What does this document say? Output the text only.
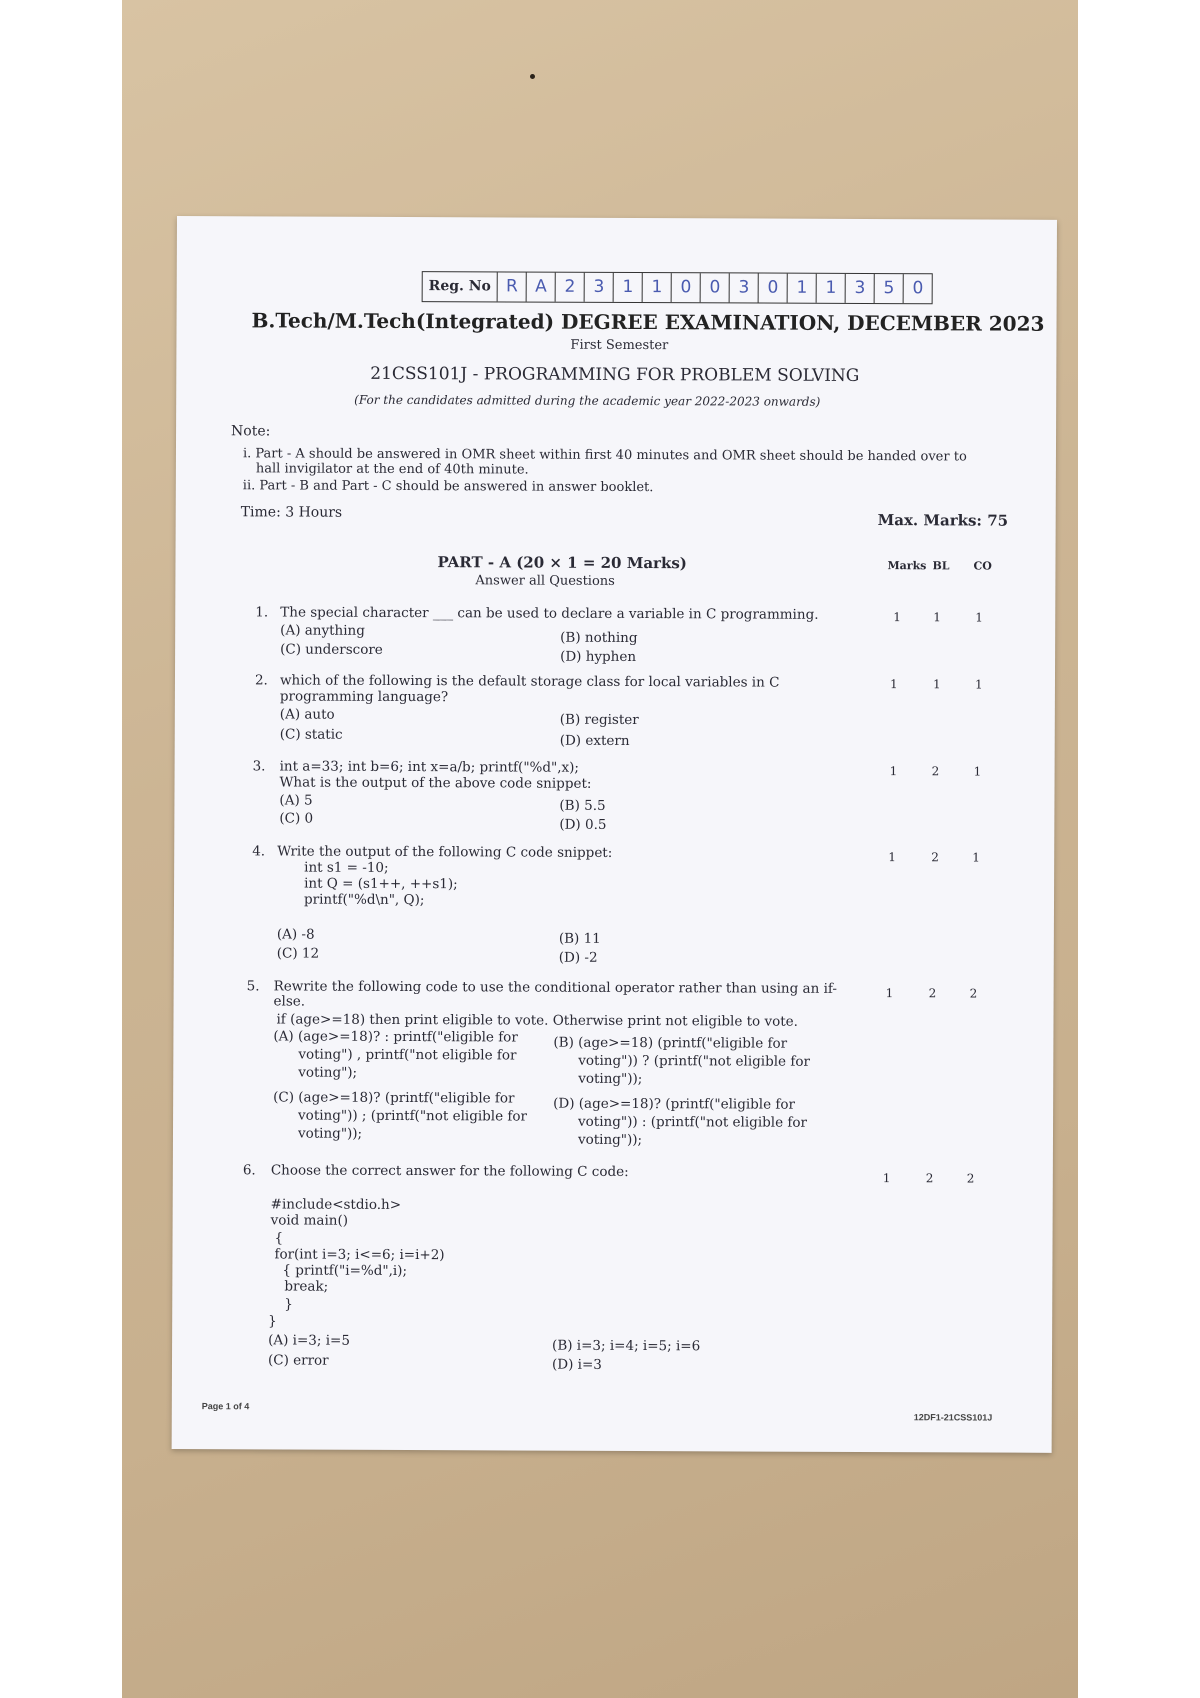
Reg. No R	A	2	3	1	1	0	0	3	0	1	1	3	5	0
B.Tech/M.Tech(Integrated) DEGREE EXAMINATION, DECEMBER 2023
First Semester
21CSS101J - PROGRAMMING FOR PROBLEM SOLVING
(For the candidates admitted during the academic year 2022-2023 onwards)
Note:
i. Part - A should be answered in OMR sheet within first 40 minutes and OMR sheet should be handed over to
hall invigilator at the end of 40th minute.
ii. Part - B and Part - C should be answered in answer booklet.
Time: 3 Hours	Max. Marks: 75
PART - A (20 × 1 = 20 Marks)
Answer all Questions
Marks BL CO
1. The special character ___ can be used to declare a variable in C programming.
(A) anything	(B) nothing
(C) underscore	(D) hyphen
1	1	1
2. which of the following is the default storage class for local variables in C
programming language?
(A) auto	(B) register
(C) static	(D) extern
1	1	1
3. int a=33; int b=6; int x=a/b; printf("%d",x);
What is the output of the above code snippet:
(A) 5	(B) 5.5
(C) 0	(D) 0.5
1	2	1
4. Write the output of the following C code snippet:
int s1 = -10;
int Q = (s1++, ++s1);
printf("%d\n", Q);
(A) -8	(B) 11
(C) 12	(D) -2
1	2	1
5. Rewrite the following code to use the conditional operator rather than using an if-
else.
if (age>=18) then print eligible to vote. Otherwise print not eligible to vote.
(A) (age>=18)? : printf("eligible for
voting") , printf("not eligible for
voting");
(B) (age>=18) (printf("eligible for
voting")) ? (printf("not eligible for
voting"));
(C) (age>=18)? (printf("eligible for
voting")) ; (printf("not eligible for
voting"));
(D) (age>=18)? (printf("eligible for
voting")) : (printf("not eligible for
voting"));
1	2	2
6. Choose the correct answer for the following C code:
#include<stdio.h>
void main()
{
for(int i=3; i<=6; i=i+2)
{ printf("i=%d",i);
break;
}
}
(A) i=3; i=5	(B) i=3; i=4; i=5; i=6
(C) error	(D) i=3
1	2	2
Page 1 of 4
12DF1-21CSS101J
